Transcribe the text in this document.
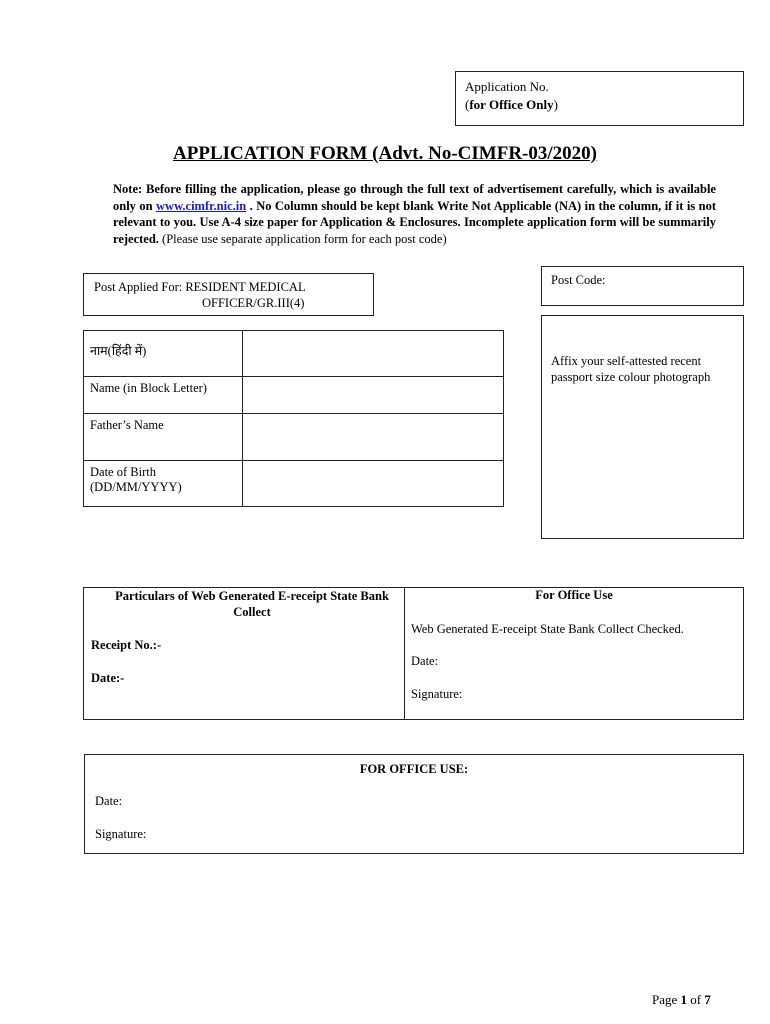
Application No.
(for Office Only)
APPLICATION FORM (Advt. No-CIMFR-03/2020)
Note: Before filling the application, please go through the full text of advertisement carefully, which is available only on www.cimfr.nic.in . No Column should be kept blank Write Not Applicable (NA) in the column, if it is not relevant to you. Use A-4 size paper for Application & Enclosures. Incomplete application form will be summarily rejected. (Please use separate application form for each post code)
Post Applied For: RESIDENT MEDICAL
OFFICER/GR.III(4)
Post Code:
Affix your self-attested recent passport size colour photograph
नाम(हिंदी में)	
Name (in Block Letter)	
Father’s Name	
Date of Birth (DD/MM/YYYY)	
Particulars of Web Generated E-receipt State Bank Collect
Receipt No.:-
Date:-

For Office Use
Web Generated E-receipt State Bank Collect Checked.
Date:
Signature:
FOR OFFICE USE:
Date:
Signature:
Page 1 of 7
